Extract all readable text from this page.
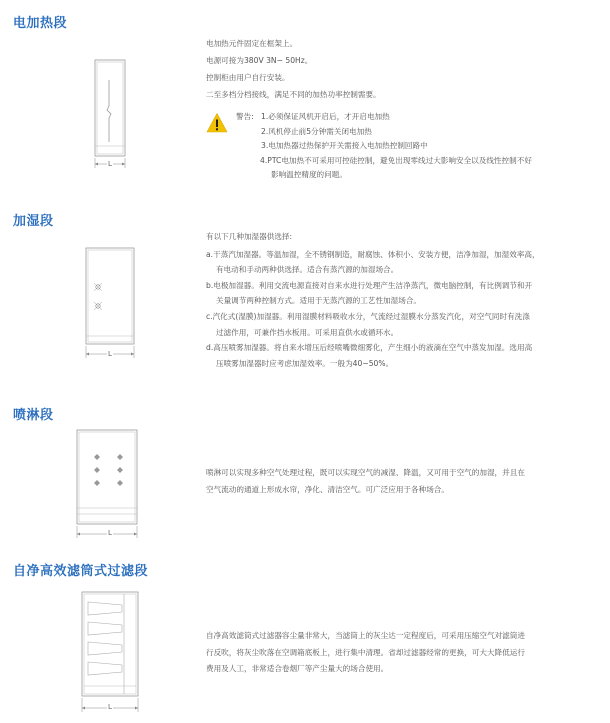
电加热段
L

电加热元件固定在框架上。

电源可接为380V 3N~ 50Hz。

控制柜由用户自行安装。

二至多档分档接线，满足不同的加热功率控制需要。

警告: 1.必须保证风机开启后，才开启电加热

2.风机停止前5分钟需关闭电加热

3.电加热器过热保护开关需接入电加热控制回路中

4.PTC电加热不可采用可控硅控制，避免出现零线过大影响安全以及线性控制不好

影响温控精度的问题。

加湿段
L

有以下几种加湿器供选择:

a.干蒸汽加湿器。等温加湿，全不锈钢制造，耐腐蚀、体积小、安装方便，洁净加湿，加湿效率高，

有电动和手动两种供选择。适合有蒸汽源的加湿场合。

b.电极加湿器。利用交流电源直接对自来水进行处理产生洁净蒸汽，微电脑控制，有比例调节和开

关量调节两种控制方式。适用于无蒸汽源的工艺性加湿场合。

c.汽化式(湿膜)加湿器。利用湿膜材料吸收水分，气流经过湿膜水分蒸发汽化，对空气同时有洗涤

过滤作用，可兼作挡水板用。可采用直供水或循环水。

d.高压喷雾加湿器。将自来水增压后经喷嘴微细雾化，产生细小的液滴在空气中蒸发加湿。选用高

压喷雾加湿器时应考虑加湿效率。一般为40~50%。

喷淋段
L

喷淋可以实现多种空气处理过程，既可以实现空气的减湿、降温，又可用于空气的加湿，并且在

空气流动的通道上形成水帘，净化、清洁空气。可广泛应用于各种场合。

自净高效滤筒式过滤段
L

自净高效滤筒式过滤器容尘量非常大，当滤筒上的灰尘达一定程度后，可采用压缩空气对滤筒进

行反吹，将灰尘吹落在空调箱底板上，进行集中清理。省却过滤器经常的更换，可大大降低运行

费用及人工，非常适合卷烟厂等产尘量大的场合使用。
